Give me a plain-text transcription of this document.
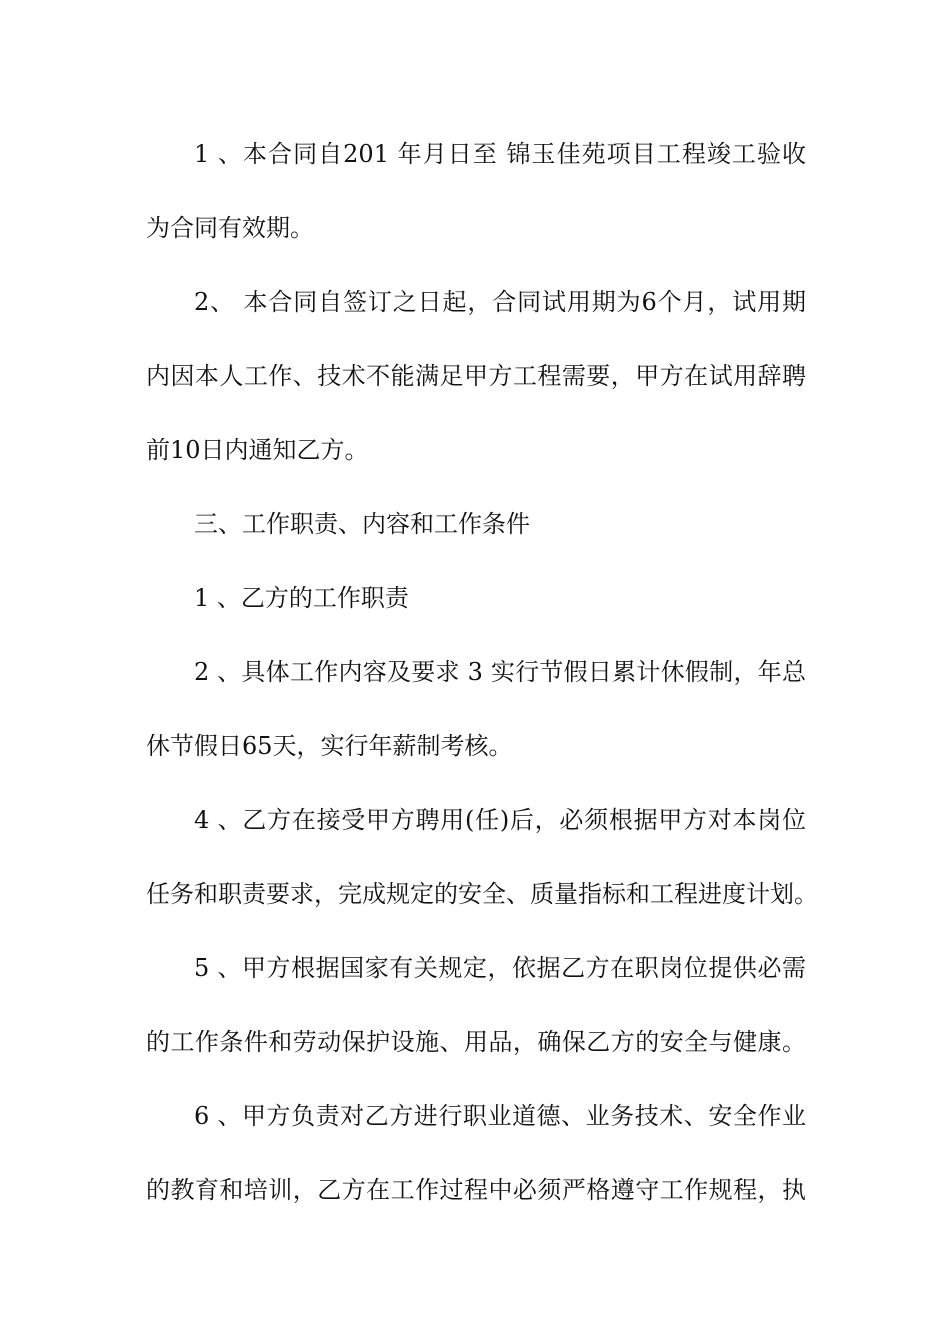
1 、本合同自201 年月日至 锦玉佳苑项目工程竣工验收
为合同有效期。
2、 本合同自签订之日起，合同试用期为6个月，试用期
内因本人工作、技术不能满足甲方工程需要，甲方在试用辞聘
前10日内通知乙方。
三、工作职责、内容和工作条件
1 、乙方的工作职责
2 、具体工作内容及要求 3 实行节假日累计休假制，年总
休节假日65天，实行年薪制考核。
4 、乙方在接受甲方聘用(任)后，必须根据甲方对本岗位
任务和职责要求，完成规定的安全、质量指标和工程进度计划。
5 、甲方根据国家有关规定，依据乙方在职岗位提供必需
的工作条件和劳动保护设施、用品，确保乙方的安全与健康。
6 、甲方负责对乙方进行职业道德、业务技术、安全作业
的教育和培训，乙方在工作过程中必须严格遵守工作规程，执
